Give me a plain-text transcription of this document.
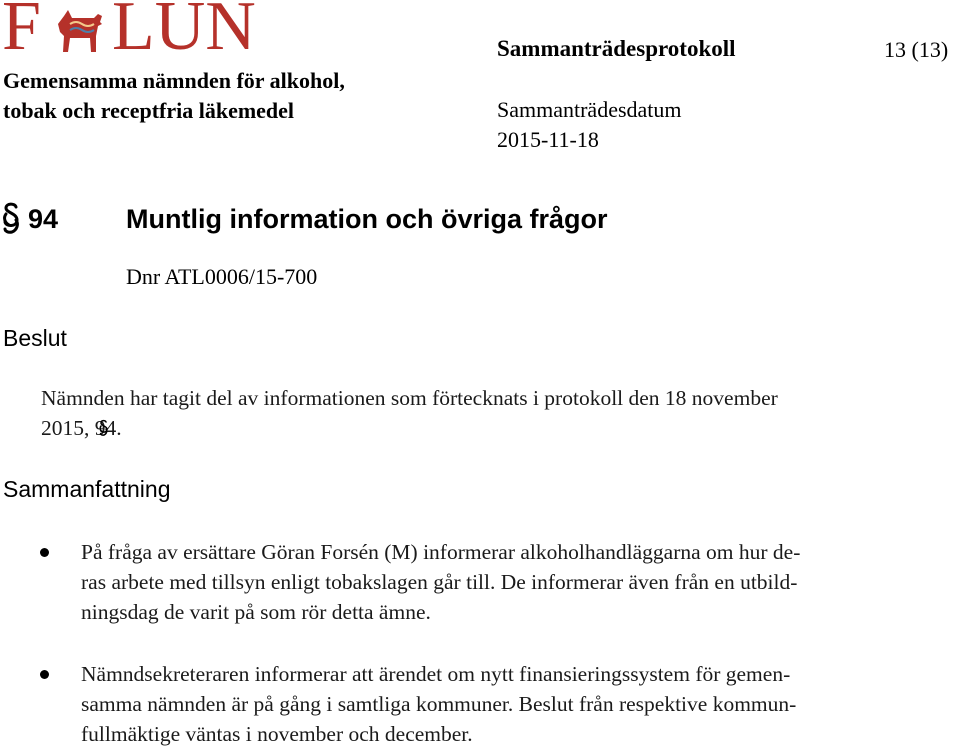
F LUN
Gemensamma nämnden för alkohol,
tobak och receptfria läkemedel
Sammanträdesprotokoll	13 (13)
Sammanträdesdatum
2015-11-18
94	Muntlig information och övriga frågor
Dnr ATL0006/15-700
Beslut
Nämnden har tagit del av informationen som förtecknats i protokoll den 18 november
2015, 94.
Sammanfattning
På fråga av ersättare Göran Forsén (M) informerar alkoholhandläggarna om hur de-
ras arbete med tillsyn enligt tobakslagen går till. De informerar även från en utbild-
ningsdag de varit på som rör detta ämne.
Nämndsekreteraren informerar att ärendet om nytt finansieringssystem för gemen-
samma nämnden är på gång i samtliga kommuner. Beslut från respektive kommun-
fullmäktige väntas i november och december.
